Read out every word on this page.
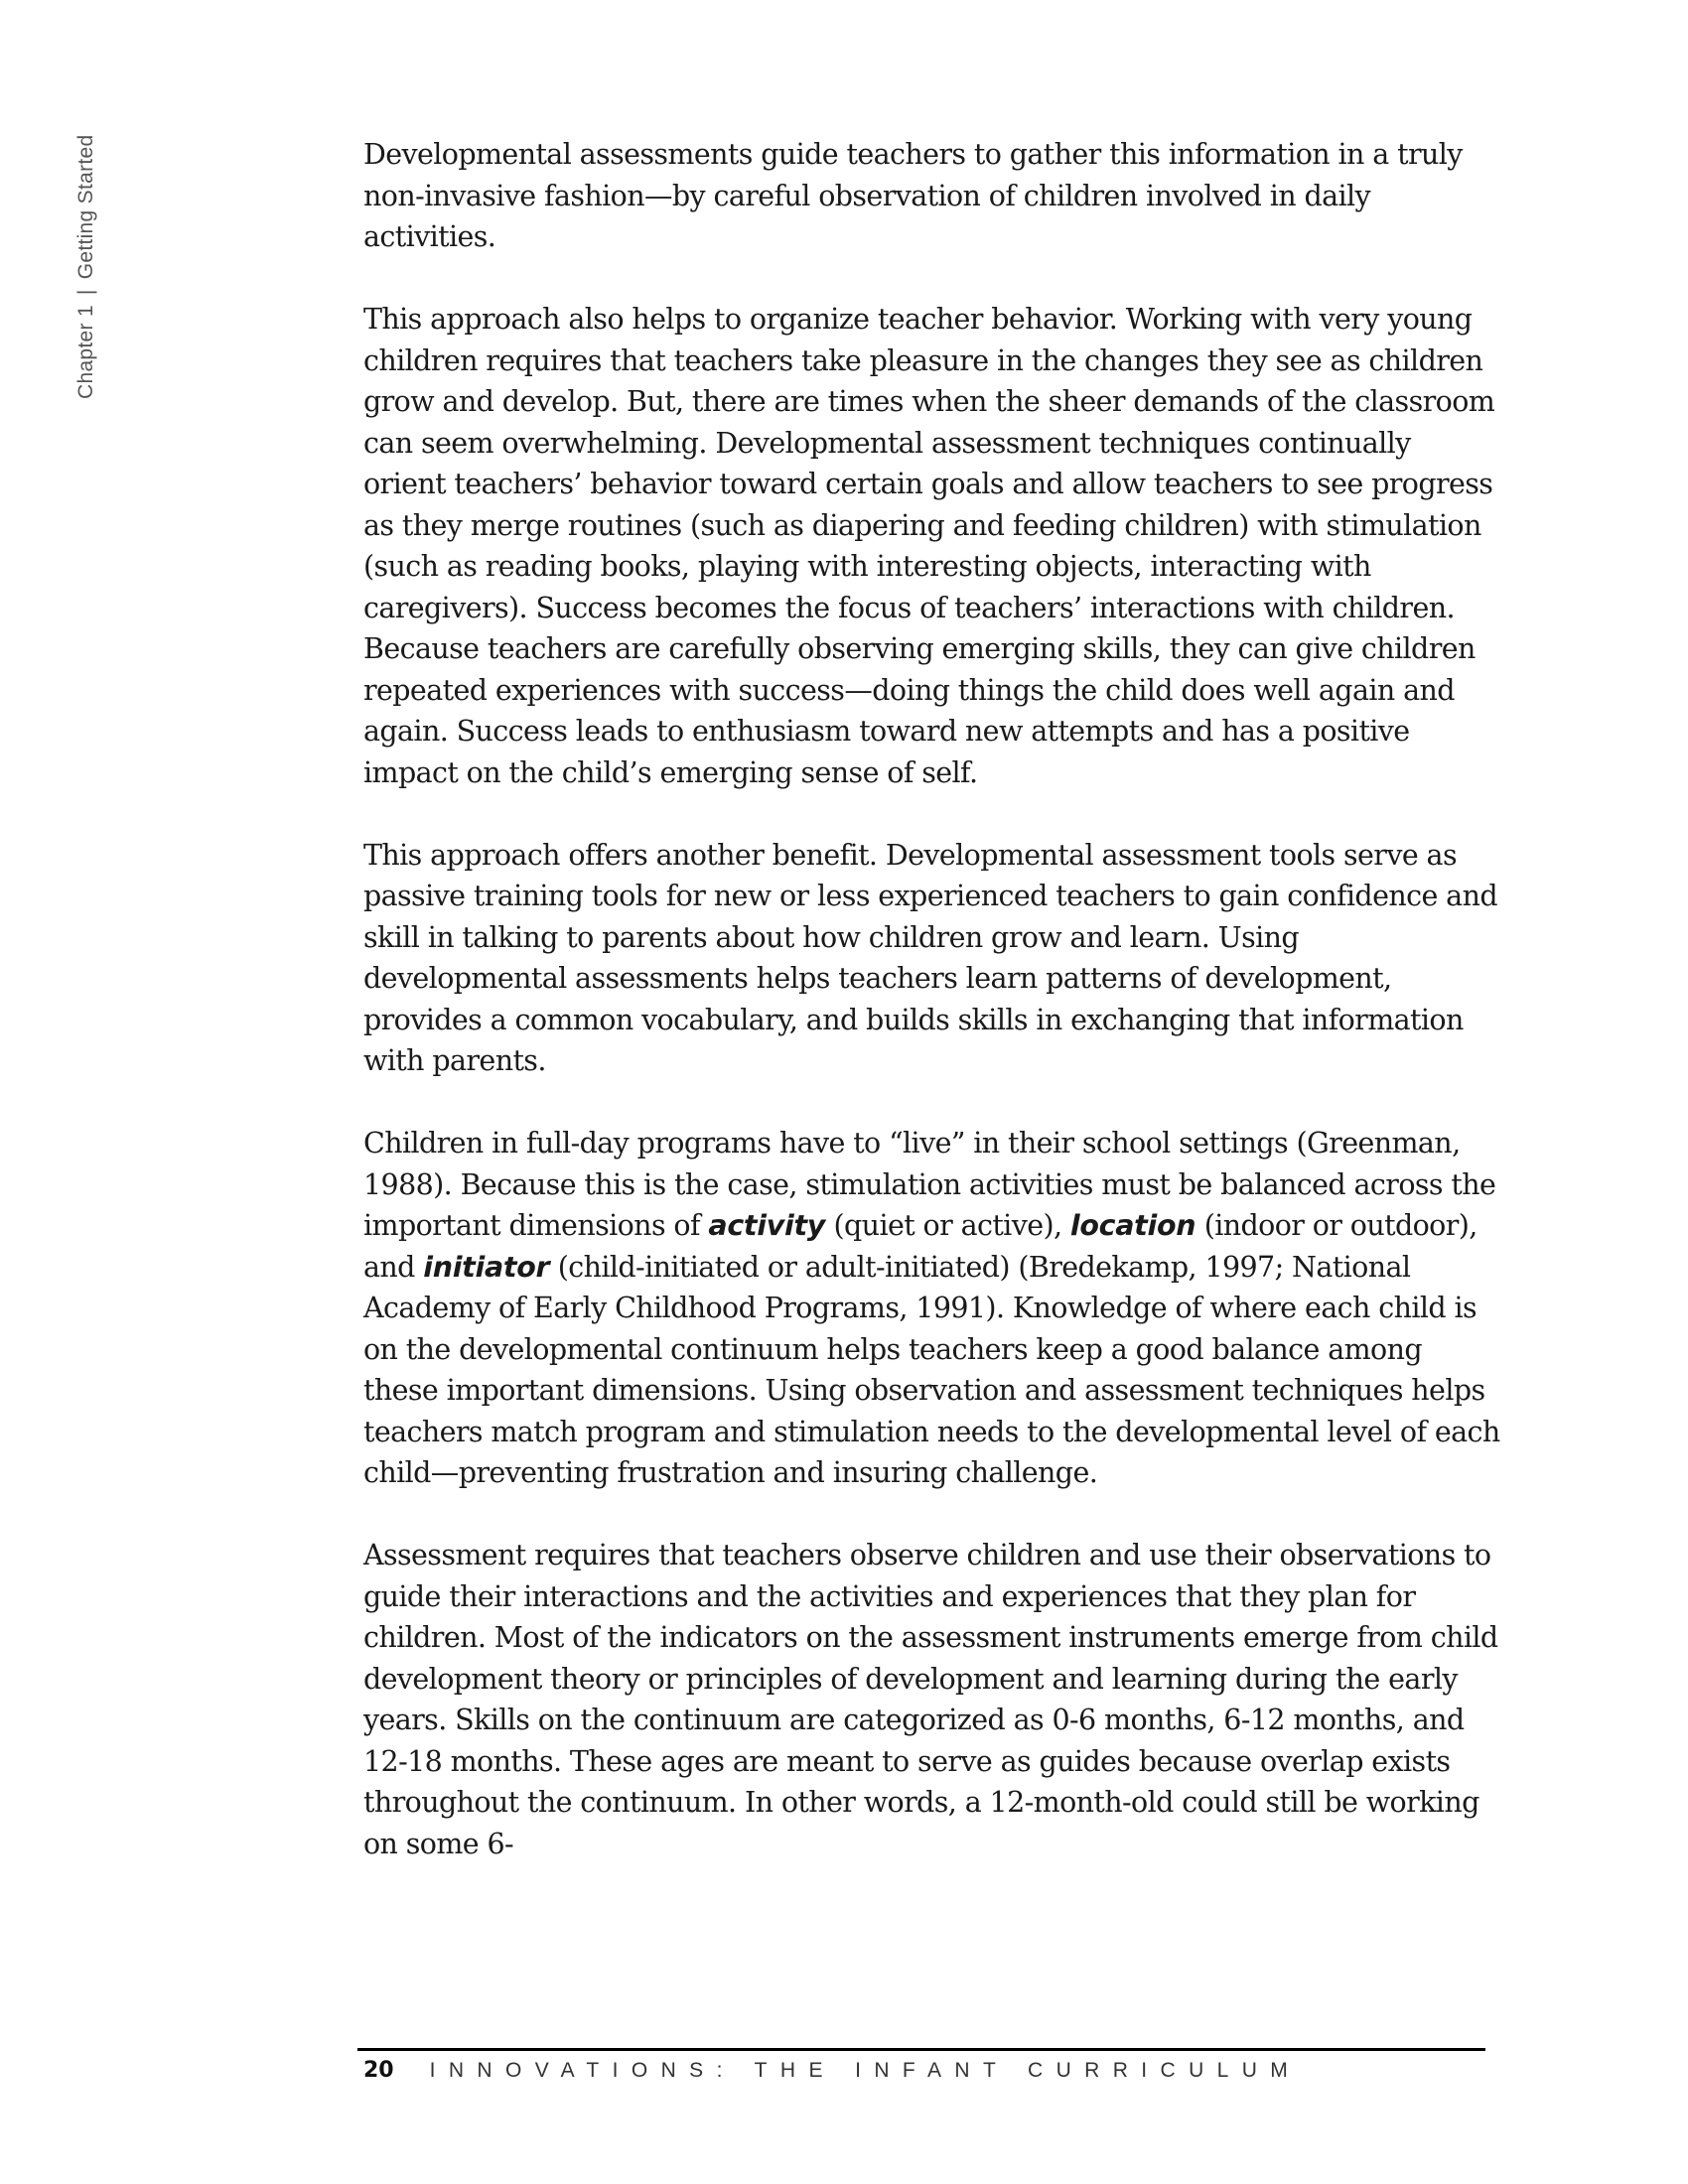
Chapter 1|Getting Started	Developmental assessments guide teachers to gather this information in a truly non-invasive fashion—by careful observation of children involved in daily activities.

This approach also helps to organize teacher behavior. Working with very young children requires that teachers take pleasure in the changes they see as children grow and develop. But, there are times when the sheer demands of the classroom can seem overwhelming. Developmental assessment techniques continually orient teachers’ behavior toward certain goals and allow teachers to see progress as they merge routines (such as diapering and feeding children) with stimulation (such as reading books, playing with interesting objects, interacting with caregivers). Success becomes the focus of teachers’ interactions with children. Because teachers are carefully observing emerging skills, they can give children repeated experiences with success—doing things the child does well again and again. Success leads to enthusiasm toward new attempts and has a positive impact on the child’s emerging sense of self.

This approach offers another benefit. Developmental assessment tools serve as passive training tools for new or less experienced teachers to gain confidence and skill in talking to parents about how children grow and learn. Using developmental assessments helps teachers learn patterns of development, provides a common vocabulary, and builds skills in exchanging that information with parents.

Children in full-day programs have to “live” in their school settings (Greenman, 1988). Because this is the case, stimulation activities must be balanced across the important dimensions of activity (quiet or active), location (indoor or outdoor), and initiator (child-initiated or adult-initiated) (Bredekamp, 1997; National Academy of Early Childhood Programs, 1991). Knowledge of where each child is on the developmental continuum helps teachers keep a good balance among these important dimensions. Using observation and assessment techniques helps teachers match program and stimulation needs to the developmental level of each child—preventing frustration and insuring challenge.

Assessment requires that teachers observe children and use their observations to guide their interactions and the activities and experiences that they plan for children. Most of the indicators on the assessment instruments emerge from child development theory or principles of development and learning during the early years. Skills on the continuum are categorized as 0-6 months, 6-12 months, and 12-18 months. These ages are meant to serve as guides because overlap exists throughout the continuum. In other words, a 12-month-old could still be working on some 6-

20 INNOVATIONS: THE INFANT CURRICULUM
